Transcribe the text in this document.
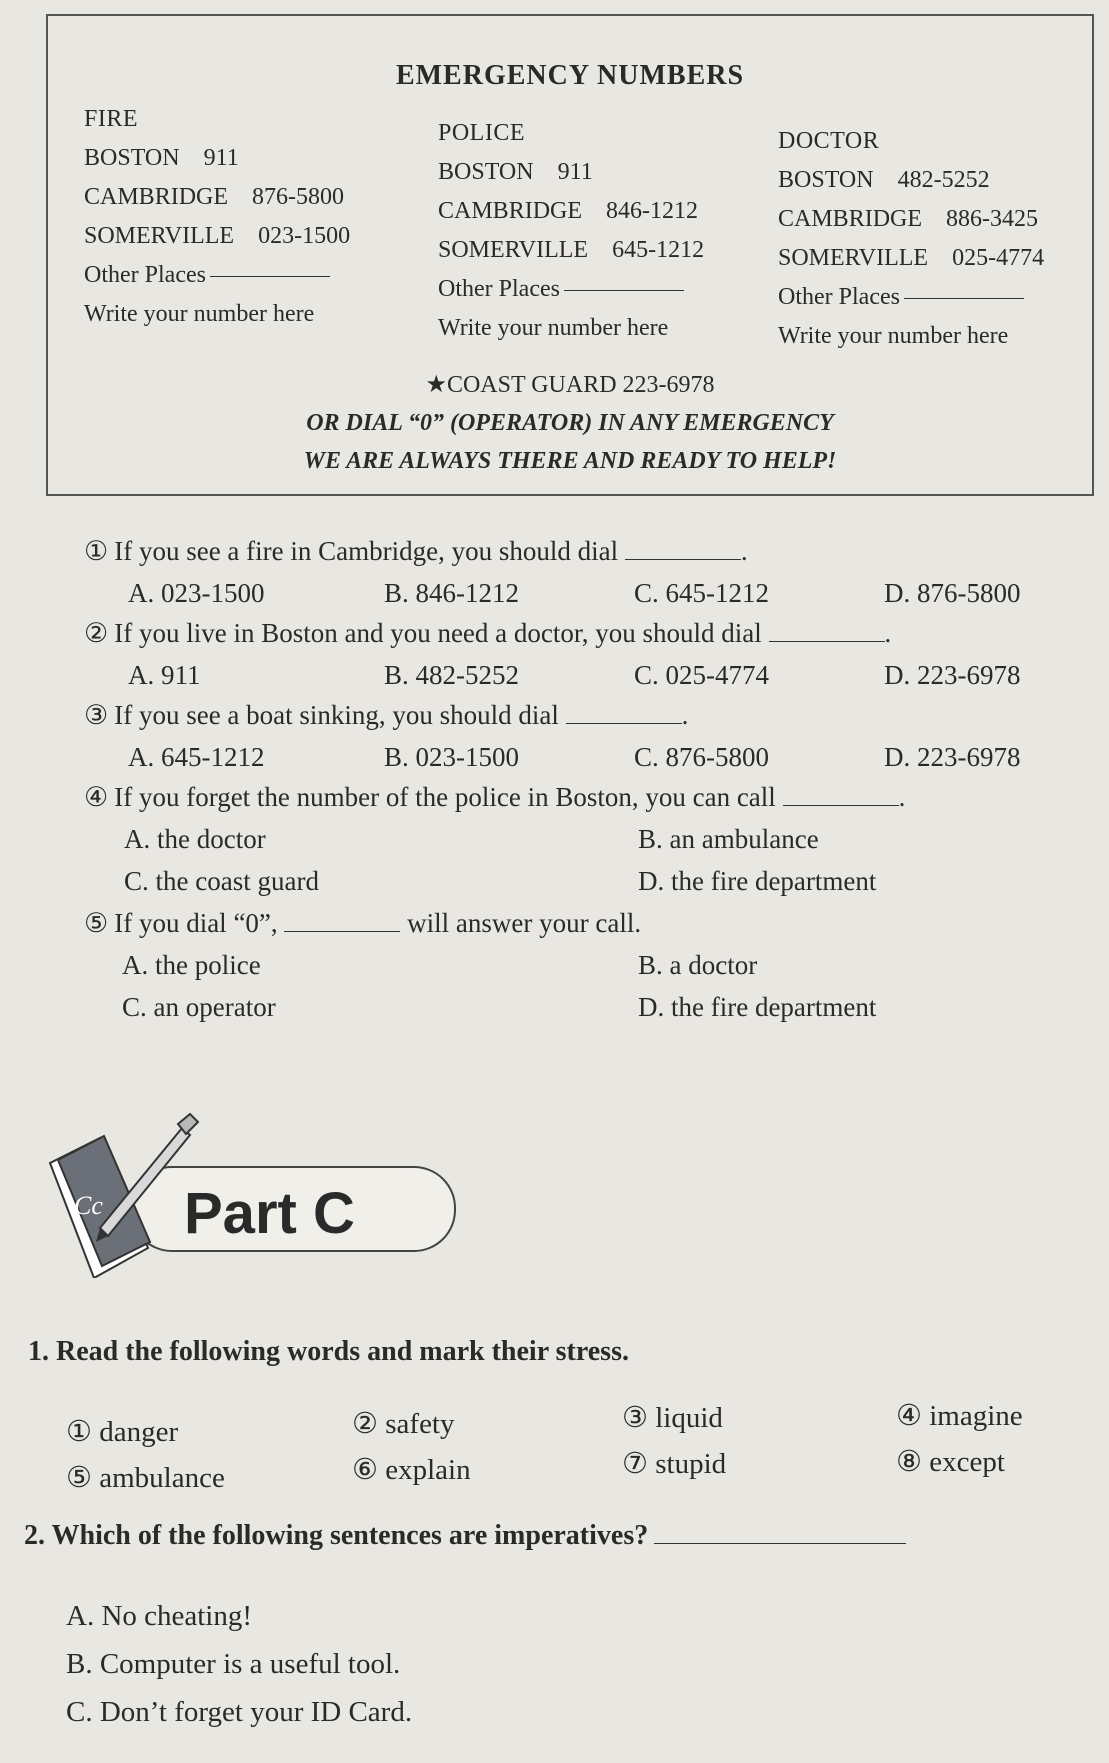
EMERGENCY NUMBERS
FIRE
BOSTON    911
CAMBRIDGE    876-5800
SOMERVILLE    023-1500
Other Places
Write your number here
POLICE
BOSTON    911
CAMBRIDGE    846-1212
SOMERVILLE    645-1212
Other Places
Write your number here
DOCTOR
BOSTON    482-5252
CAMBRIDGE    886-3425
SOMERVILLE    025-4774
Other Places
Write your number here
★COAST GUARD 223-6978
OR DIAL “0” (OPERATOR) IN ANY EMERGENCY
WE ARE ALWAYS THERE AND READY TO HELP!
① If you see a fire in Cambridge, you should dial	.
A. 023-1500	B. 846-1212	C. 645-1212	D. 876-5800
② If you live in Boston and you need a doctor, you should dial	.
A. 911	B. 482-5252	C. 025-4774	D. 223-6978
③ If you see a boat sinking, you should dial	.
A. 645-1212	B. 023-1500	C. 876-5800	D. 223-6978
④ If you forget the number of the police in Boston, you can call	.
A. the doctor	B. an ambulance
C. the coast guard	D. the fire department
⑤ If you dial “0”,	will answer your call.
A. the police	B. a doctor
C. an operator	D. the fire department
Cc Part C
1. Read the following words and mark their stress.
① danger	② safety	③ liquid	④ imagine
⑤ ambulance	⑥ explain	⑦ stupid	⑧ except
2. Which of the following sentences are imperatives?
A. No cheating!
B. Computer is a useful tool.
C. Don’t forget your ID Card.
